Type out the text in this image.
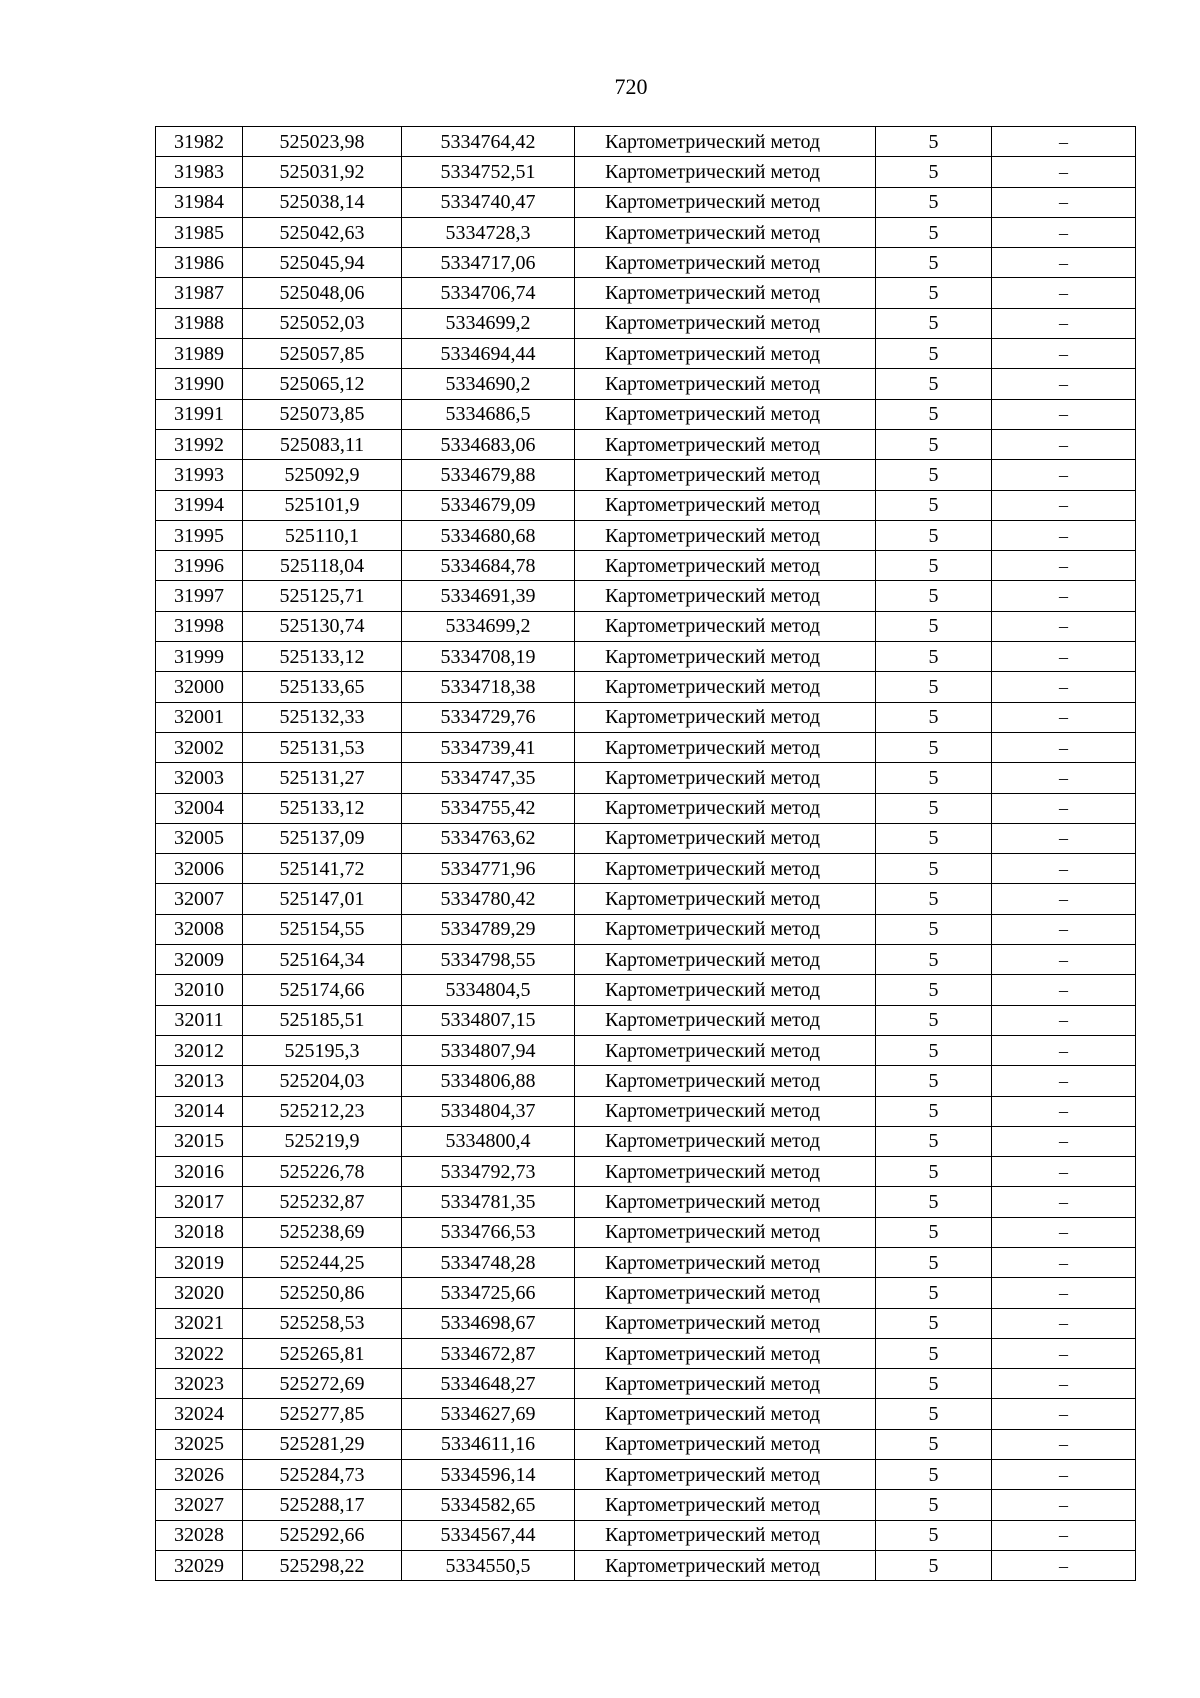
720
31982	525023,98	5334764,42	Картометрический метод	5	–
31983	525031,92	5334752,51	Картометрический метод	5	–
31984	525038,14	5334740,47	Картометрический метод	5	–
31985	525042,63	5334728,3	Картометрический метод	5	–
31986	525045,94	5334717,06	Картометрический метод	5	–
31987	525048,06	5334706,74	Картометрический метод	5	–
31988	525052,03	5334699,2	Картометрический метод	5	–
31989	525057,85	5334694,44	Картометрический метод	5	–
31990	525065,12	5334690,2	Картометрический метод	5	–
31991	525073,85	5334686,5	Картометрический метод	5	–
31992	525083,11	5334683,06	Картометрический метод	5	–
31993	525092,9	5334679,88	Картометрический метод	5	–
31994	525101,9	5334679,09	Картометрический метод	5	–
31995	525110,1	5334680,68	Картометрический метод	5	–
31996	525118,04	5334684,78	Картометрический метод	5	–
31997	525125,71	5334691,39	Картометрический метод	5	–
31998	525130,74	5334699,2	Картометрический метод	5	–
31999	525133,12	5334708,19	Картометрический метод	5	–
32000	525133,65	5334718,38	Картометрический метод	5	–
32001	525132,33	5334729,76	Картометрический метод	5	–
32002	525131,53	5334739,41	Картометрический метод	5	–
32003	525131,27	5334747,35	Картометрический метод	5	–
32004	525133,12	5334755,42	Картометрический метод	5	–
32005	525137,09	5334763,62	Картометрический метод	5	–
32006	525141,72	5334771,96	Картометрический метод	5	–
32007	525147,01	5334780,42	Картометрический метод	5	–
32008	525154,55	5334789,29	Картометрический метод	5	–
32009	525164,34	5334798,55	Картометрический метод	5	–
32010	525174,66	5334804,5	Картометрический метод	5	–
32011	525185,51	5334807,15	Картометрический метод	5	–
32012	525195,3	5334807,94	Картометрический метод	5	–
32013	525204,03	5334806,88	Картометрический метод	5	–
32014	525212,23	5334804,37	Картометрический метод	5	–
32015	525219,9	5334800,4	Картометрический метод	5	–
32016	525226,78	5334792,73	Картометрический метод	5	–
32017	525232,87	5334781,35	Картометрический метод	5	–
32018	525238,69	5334766,53	Картометрический метод	5	–
32019	525244,25	5334748,28	Картометрический метод	5	–
32020	525250,86	5334725,66	Картометрический метод	5	–
32021	525258,53	5334698,67	Картометрический метод	5	–
32022	525265,81	5334672,87	Картометрический метод	5	–
32023	525272,69	5334648,27	Картометрический метод	5	–
32024	525277,85	5334627,69	Картометрический метод	5	–
32025	525281,29	5334611,16	Картометрический метод	5	–
32026	525284,73	5334596,14	Картометрический метод	5	–
32027	525288,17	5334582,65	Картометрический метод	5	–
32028	525292,66	5334567,44	Картометрический метод	5	–
32029	525298,22	5334550,5	Картометрический метод	5	–
